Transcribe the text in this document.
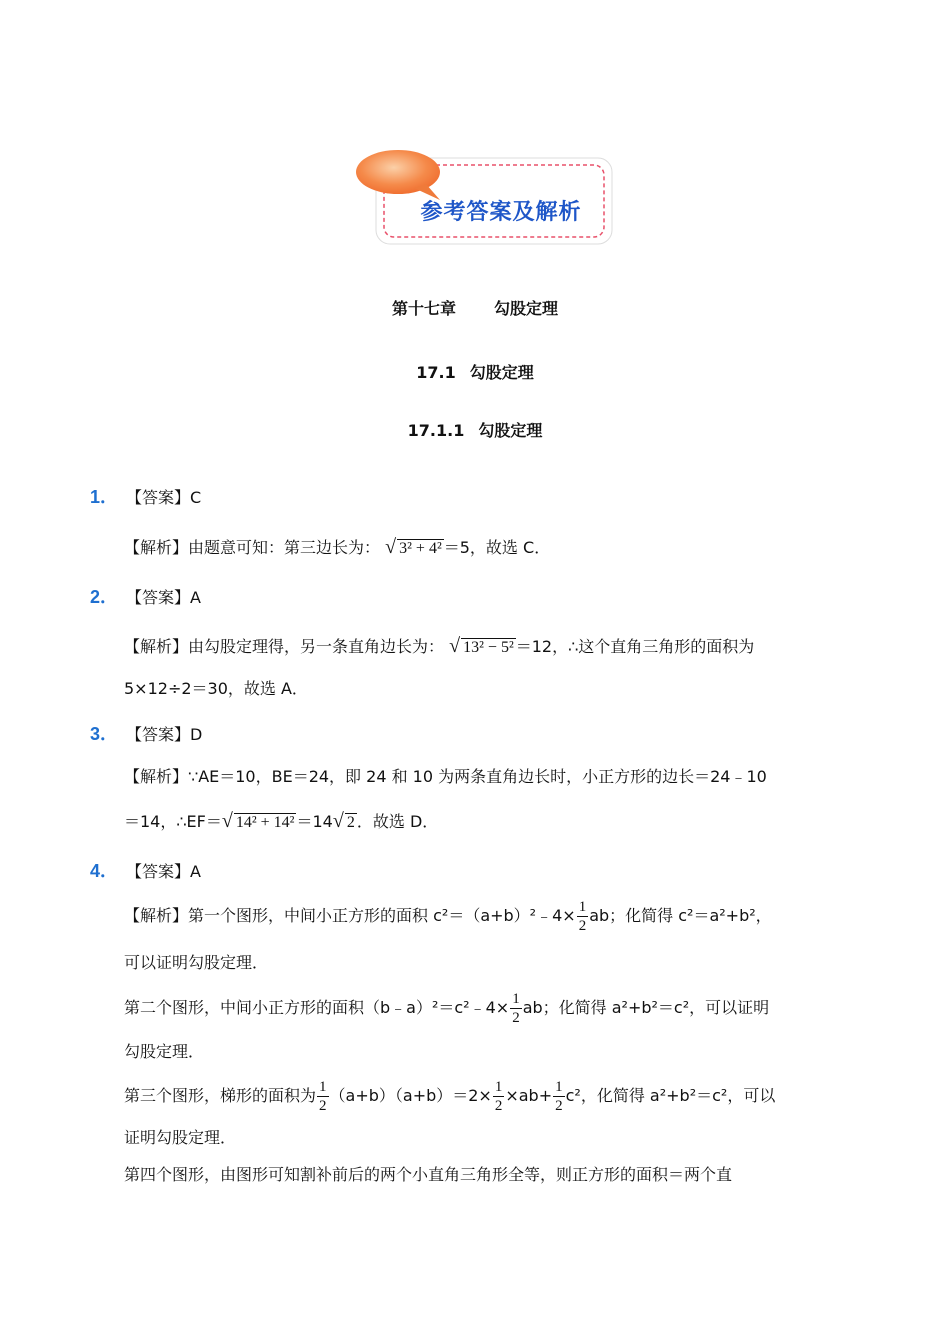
参考答案及解析
第十七章 勾股定理
17.1 勾股定理
17.1.1 勾股定理
1． 【答案】C
【解析】由题意可知：第三边长为： √ 3² + 4² ＝5，故选 C．
2． 【答案】A
【解析】由勾股定理得，另一条直角边长为： √ 13² − 5² ＝12，∴这个直角三角形的面积为
5×12÷2＝30，故选 A．
3． 【答案】D
【解析】∵AE＝10，BE＝24，即 24 和 10 为两条直角边长时，小正方形的边长＝24﹣10
＝14，∴EF＝ √ 14² + 14² ＝14 √ 2 ．故选 D．
4． 【答案】A
【解析】第一个图形，中间小正方形的面积 c²＝（a+b）²﹣4× $\frac{1}{2}$ ab；化简得 c²＝a²+b²，
可以证明勾股定理．
第二个图形，中间小正方形的面积（b﹣a）²＝c²﹣4× $\frac{1}{2}$ ab；化简得 a²+b²＝c²，可以证明
勾股定理．
第三个图形，梯形的面积为 $\frac{1}{2} (a+b)(a+b)=2\times \frac{1}{2} \times ab+ \frac{1}{2} c^2$，化简得 a²+b²＝c²，可以
证明勾股定理．
第四个图形，由图形可知割补前后的两个小直角三角形全等，则正方形的面积＝两个直
